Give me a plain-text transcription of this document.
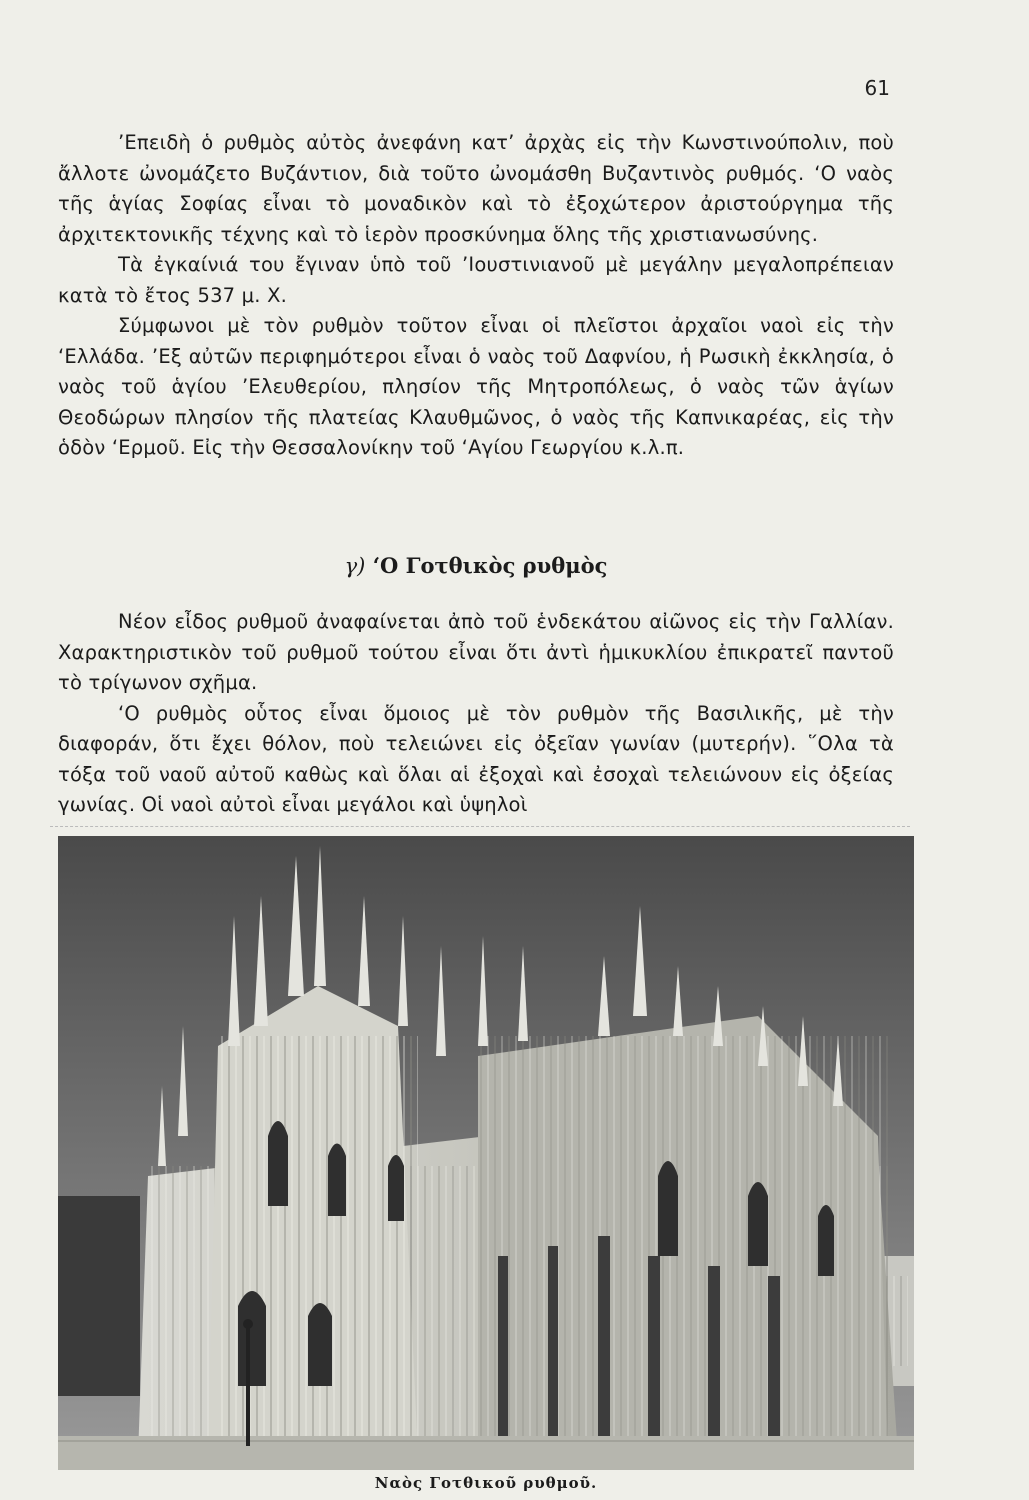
61

’Επειδὴ ὁ ρυθμὸς αὐτὸς ἀνεφάνη κατ’ ἀρχὰς εἰς τὴν Κωνστινούπολιν, ποὺ ἄλλοτε ὠνομάζετο Βυζάντιον, διὰ τοῦτο ὠνομάσθη Βυζαντινὸς ρυθμός. ‘Ο ναὸς τῆς ἁγίας Σοφίας εἶναι τὸ μοναδικὸν καὶ τὸ ἐξοχώτερον ἀριστούργημα τῆς ἀρχιτεκτονικῆς τέχνης καὶ τὸ ἱερὸν προσκύνημα ὅλης τῆς χριστιανωσύνης.

Τὰ ἐγκαίνιά του ἔγιναν ὑπὸ τοῦ ’Ιουστινιανοῦ μὲ μεγάλην μεγαλοπρέπειαν κατὰ τὸ ἔτος 537 μ. Χ.

Σύμφωνοι μὲ τὸν ρυθμὸν τοῦτον εἶναι οἱ πλεῖστοι ἀρχαῖοι ναοὶ εἰς τὴν ‘Ελλάδα. ’Εξ αὐτῶν περιφημότεροι εἶναι ὁ ναὸς τοῦ Δαφνίου, ἡ Ρωσικὴ ἐκκλησία, ὁ ναὸς τοῦ ἁγίου ’Ελευθερίου, πλησίον τῆς Μητροπόλεως, ὁ ναὸς τῶν ἁγίων Θεοδώρων πλησίον τῆς πλατείας Κλαυθμῶνος, ὁ ναὸς τῆς Καπνικαρέας, εἰς τὴν ὁδὸν ‘Ερμοῦ. Εἰς τὴν Θεσσαλονίκην τοῦ ‘Αγίου Γεωργίου κ.λ.π.

γ) ‘Ο Γοτθικὸς ρυθμὸς

Νέον εἶδος ρυθμοῦ ἀναφαίνεται ἀπὸ τοῦ ἑνδεκάτου αἰῶνος εἰς τὴν Γαλλίαν. Χαρακτηριστικὸν τοῦ ρυθμοῦ τούτου εἶναι ὅτι ἀντὶ ἡμικυκλίου ἐπικρατεῖ παντοῦ τὸ τρίγωνον σχῆμα.

‘Ο ρυθμὸς οὗτος εἶναι ὅμοιος μὲ τὸν ρυθμὸν τῆς Βασιλικῆς, μὲ τὴν διαφοράν, ὅτι ἔχει θόλον, ποὺ τελειώνει εἰς ὀξεῖαν γωνίαν (μυτερήν). ῞Ολα τὰ τόξα τοῦ ναοῦ αὐτοῦ καθὼς καὶ ὅλαι αἱ ἐξοχαὶ καὶ ἐσοχαὶ τελειώνουν εἰς ὀξείας γωνίας. Οἱ ναοὶ αὐτοὶ εἶναι μεγάλοι καὶ ὑψηλοὶ

Ναὸς Γοτθικοῦ ρυθμοῦ.
